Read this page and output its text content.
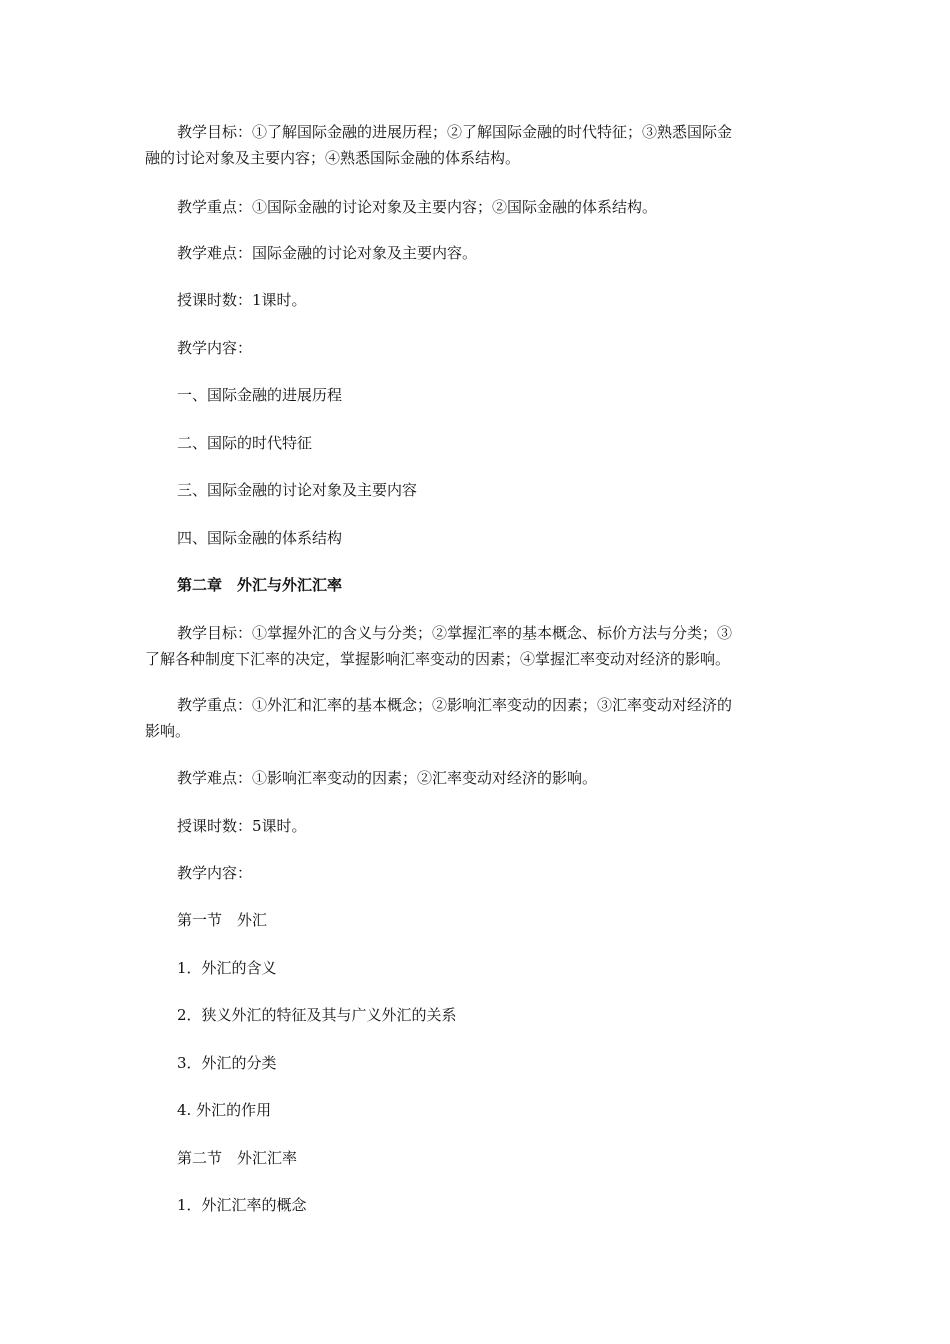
教学目标：①了解国际金融的进展历程；②了解国际金融的时代特征；③熟悉国际金
融的讨论对象及主要内容；④熟悉国际金融的体系结构。
教学重点：①国际金融的讨论对象及主要内容；②国际金融的体系结构。
教学难点：国际金融的讨论对象及主要内容。
授课时数：1课时。
教学内容：
一、国际金融的进展历程
二、国际的时代特征
三、国际金融的讨论对象及主要内容
四、国际金融的体系结构
第二章　外汇与外汇汇率
教学目标：①掌握外汇的含义与分类；②掌握汇率的基本概念、标价方法与分类；③
了解各种制度下汇率的决定，掌握影响汇率变动的因素；④掌握汇率变动对经济的影响。
教学重点：①外汇和汇率的基本概念；②影响汇率变动的因素；③汇率变动对经济的
影响。
教学难点：①影响汇率变动的因素；②汇率变动对经济的影响。
授课时数：5课时。
教学内容：
第一节　外汇
1．外汇的含义
2．狭义外汇的特征及其与广义外汇的关系
3．外汇的分类
4. 外汇的作用
第二节　外汇汇率
1．外汇汇率的概念
